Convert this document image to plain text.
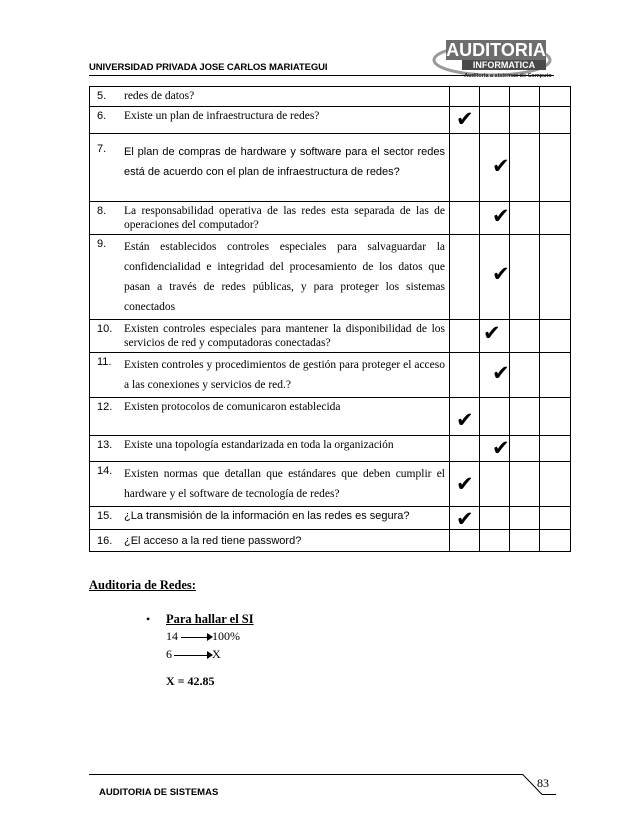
UNIVERSIDAD PRIVADA JOSE CARLOS MARIATEGUI
AUDITORIA
INFORMATICA
Auditoria a sistemas de Computo
5. redes de datos?				

6. Existe un plan de infraestructura de redes?	✔			

7. El plan de compras de hardware y software para el sector redes está de acuerdo con el plan de infraestructura de redes?		✔		

8. La responsabilidad operativa de las redes esta separada de las de operaciones del computador?		✔		

9. Están establecidos controles especiales para salvaguardar la confidencialidad e integridad del procesamiento de los datos que pasan a través de redes públicas, y para proteger los sistemas conectados		✔		

10. Existen controles especiales para mantener la disponibilidad de los servicios de red y computadoras conectadas?		✔		

11. Existen controles y procedimientos de gestión para proteger el acceso a las conexiones y servicios de red.?		✔		

12. Existen protocolos de comunicaron establecida	✔			

13. Existe una topología estandarizada en toda la organización		✔		

14. Existen normas que detallan que estándares que deben cumplir el hardware y el software de tecnología de redes?	✔			

15. ¿La transmisión de la información en las redes es segura?	✔			

16. ¿El acceso a la red tiene password?				

Auditoria de Redes:
• Para hallar el SI
14	100%
6	X
X = 42.85
AUDITORIA DE SISTEMAS
83
